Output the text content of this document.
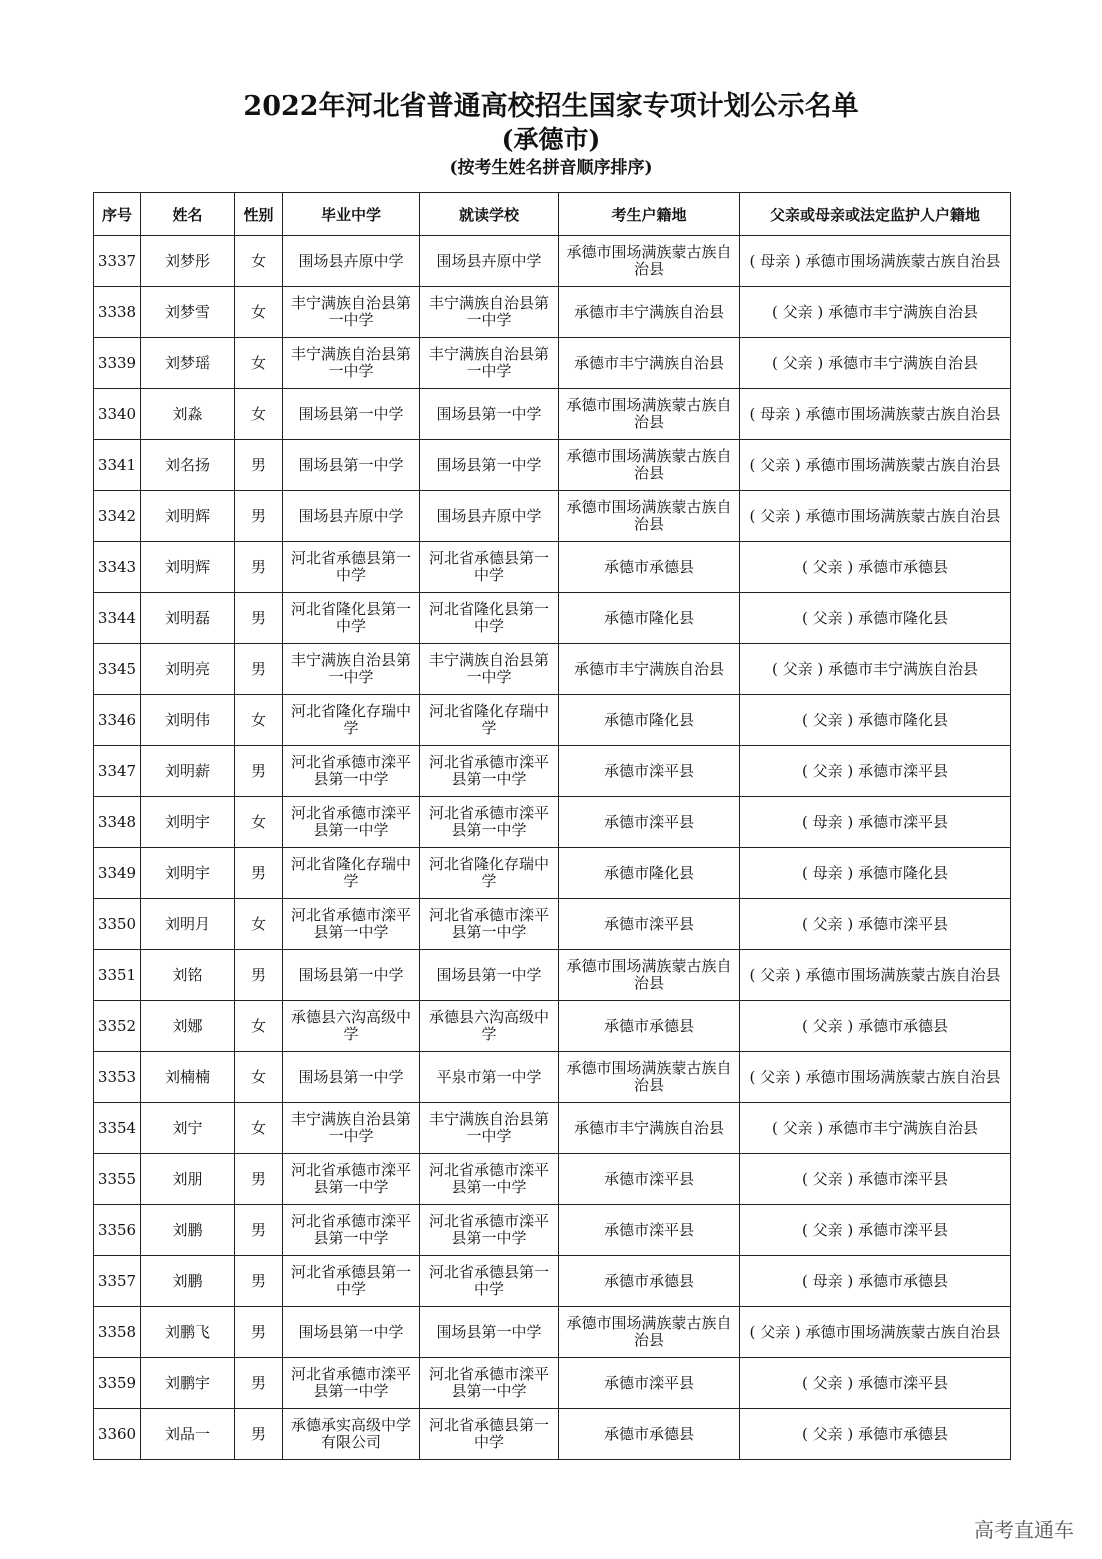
2022年河北省普通高校招生国家专项计划公示名单
(承德市)
(按考生姓名拼音顺序排序)
序号	姓名	性别	毕业中学	就读学校	考生户籍地	父亲或母亲或法定监护人户籍地
3337	刘梦彤	女	围场县卉原中学	围场县卉原中学	承德市围场满族蒙古族自治县	( 母亲 ) 承德市围场满族蒙古族自治县
3338	刘梦雪	女	丰宁满族自治县第一中学	丰宁满族自治县第一中学	承德市丰宁满族自治县	( 父亲 ) 承德市丰宁满族自治县
3339	刘梦瑶	女	丰宁满族自治县第一中学	丰宁满族自治县第一中学	承德市丰宁满族自治县	( 父亲 ) 承德市丰宁满族自治县
3340	刘淼	女	围场县第一中学	围场县第一中学	承德市围场满族蒙古族自治县	( 母亲 ) 承德市围场满族蒙古族自治县
3341	刘名扬	男	围场县第一中学	围场县第一中学	承德市围场满族蒙古族自治县	( 父亲 ) 承德市围场满族蒙古族自治县
3342	刘明辉	男	围场县卉原中学	围场县卉原中学	承德市围场满族蒙古族自治县	( 父亲 ) 承德市围场满族蒙古族自治县
3343	刘明辉	男	河北省承德县第一中学	河北省承德县第一中学	承德市承德县	( 父亲 ) 承德市承德县
3344	刘明磊	男	河北省隆化县第一中学	河北省隆化县第一中学	承德市隆化县	( 父亲 ) 承德市隆化县
3345	刘明亮	男	丰宁满族自治县第一中学	丰宁满族自治县第一中学	承德市丰宁满族自治县	( 父亲 ) 承德市丰宁满族自治县
3346	刘明伟	女	河北省隆化存瑞中学	河北省隆化存瑞中学	承德市隆化县	( 父亲 ) 承德市隆化县
3347	刘明薪	男	河北省承德市滦平县第一中学	河北省承德市滦平县第一中学	承德市滦平县	( 父亲 ) 承德市滦平县
3348	刘明宇	女	河北省承德市滦平县第一中学	河北省承德市滦平县第一中学	承德市滦平县	( 母亲 ) 承德市滦平县
3349	刘明宇	男	河北省隆化存瑞中学	河北省隆化存瑞中学	承德市隆化县	( 母亲 ) 承德市隆化县
3350	刘明月	女	河北省承德市滦平县第一中学	河北省承德市滦平县第一中学	承德市滦平县	( 父亲 ) 承德市滦平县
3351	刘铭	男	围场县第一中学	围场县第一中学	承德市围场满族蒙古族自治县	( 父亲 ) 承德市围场满族蒙古族自治县
3352	刘娜	女	承德县六沟高级中学	承德县六沟高级中学	承德市承德县	( 父亲 ) 承德市承德县
3353	刘楠楠	女	围场县第一中学	平泉市第一中学	承德市围场满族蒙古族自治县	( 父亲 ) 承德市围场满族蒙古族自治县
3354	刘宁	女	丰宁满族自治县第一中学	丰宁满族自治县第一中学	承德市丰宁满族自治县	( 父亲 ) 承德市丰宁满族自治县
3355	刘朋	男	河北省承德市滦平县第一中学	河北省承德市滦平县第一中学	承德市滦平县	( 父亲 ) 承德市滦平县
3356	刘鹏	男	河北省承德市滦平县第一中学	河北省承德市滦平县第一中学	承德市滦平县	( 父亲 ) 承德市滦平县
3357	刘鹏	男	河北省承德县第一中学	河北省承德县第一中学	承德市承德县	( 母亲 ) 承德市承德县
3358	刘鹏飞	男	围场县第一中学	围场县第一中学	承德市围场满族蒙古族自治县	( 父亲 ) 承德市围场满族蒙古族自治县
3359	刘鹏宇	男	河北省承德市滦平县第一中学	河北省承德市滦平县第一中学	承德市滦平县	( 父亲 ) 承德市滦平县
3360	刘品一	男	承德承实高级中学有限公司	河北省承德县第一中学	承德市承德县	( 父亲 ) 承德市承德县
高考直通车
